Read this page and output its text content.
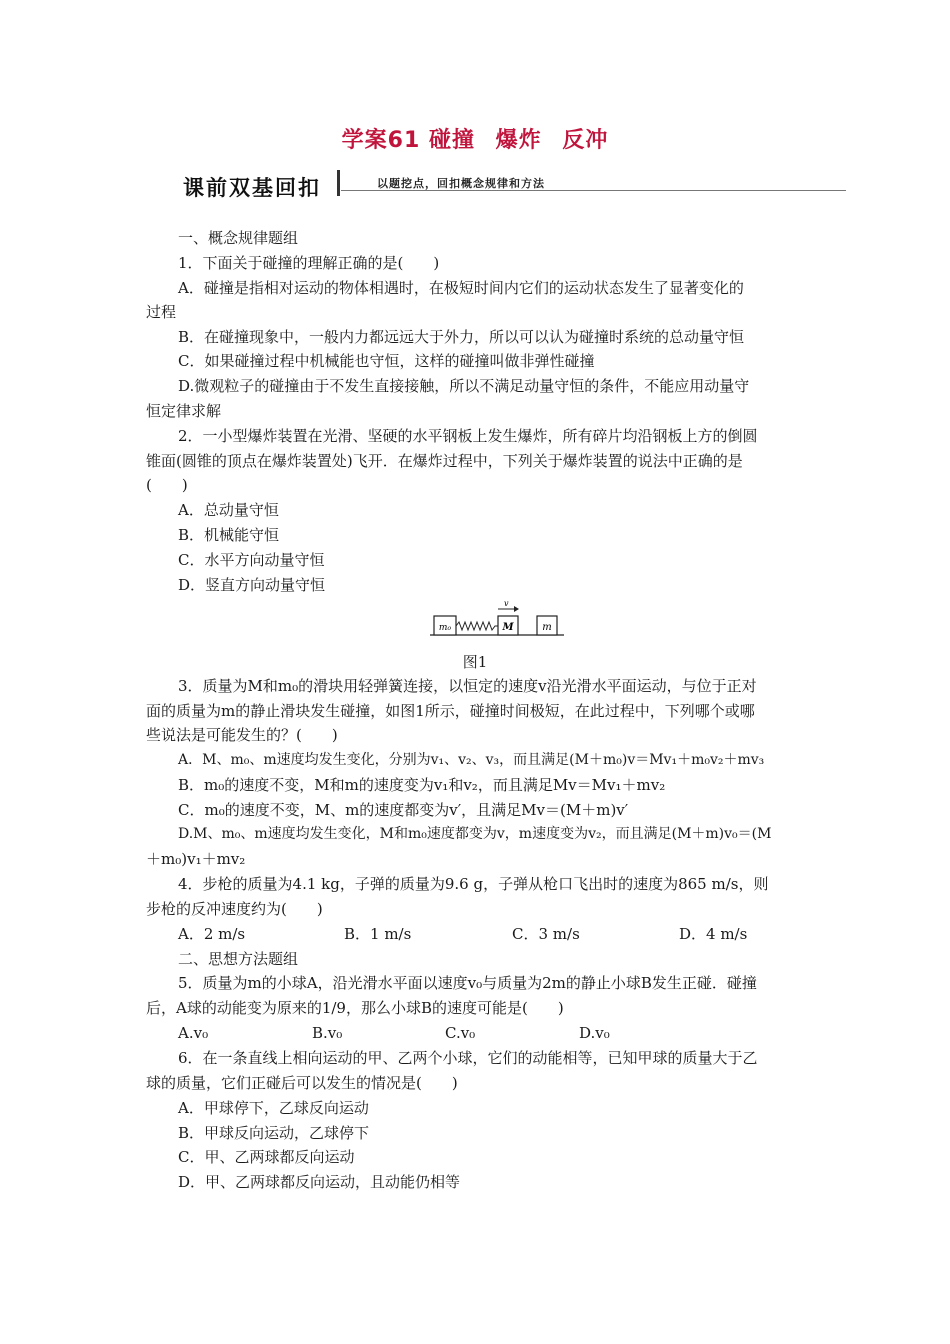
学案61 碰撞 爆炸 反冲
课前双基回扣	以题挖点，回扣概念规律和方法
一、概念规律题组
1．下面关于碰撞的理解正确的是(　　)
A．碰撞是指相对运动的物体相遇时，在极短时间内它们的运动状态发生了显著变化的
过程
B．在碰撞现象中，一般内力都远远大于外力，所以可以认为碰撞时系统的总动量守恒
C．如果碰撞过程中机械能也守恒，这样的碰撞叫做非弹性碰撞
D.微观粒子的碰撞由于不发生直接接触，所以不满足动量守恒的条件，不能应用动量守
恒定律求解
2．一小型爆炸装置在光滑、坚硬的水平钢板上发生爆炸，所有碎片均沿钢板上方的倒圆
锥面(圆锥的顶点在爆炸装置处)飞开．在爆炸过程中，下列关于爆炸装置的说法中正确的是
(　　)
A．总动量守恒
B．机械能守恒
C．水平方向动量守恒
D．竖直方向动量守恒
m₀	M
v
m
图1
3．质量为M和m₀的滑块用轻弹簧连接，以恒定的速度v沿光滑水平面运动，与位于正对
面的质量为m的静止滑块发生碰撞，如图1所示，碰撞时间极短，在此过程中，下列哪个或哪
些说法是可能发生的？(　　)
A．M、m₀、m速度均发生变化，分别为v₁、v₂、v₃，而且满足(M＋m₀)v＝Mv₁＋m₀v₂＋mv₃
B．m₀的速度不变，M和m的速度变为v₁和v₂，而且满足Mv＝Mv₁＋mv₂
C．m₀的速度不变，M、m的速度都变为v′，且满足Mv＝(M＋m)v′
D.M、m₀、m速度均发生变化，M和m₀速度都变为v，m速度变为v₂，而且满足(M＋m)v₀＝(M
＋m₀)v₁＋mv₂
4．步枪的质量为4.1 kg，子弹的质量为9.6 g，子弹从枪口飞出时的速度为865 m/s，则
步枪的反冲速度约为(　　)
A．2 m/s	B．1 m/s	C．3 m/s	D．4 m/s
二、思想方法题组
5．质量为m的小球A，沿光滑水平面以速度v₀与质量为2m的静止小球B发生正碰．碰撞
后，A球的动能变为原来的1/9，那么小球B的速度可能是(　　)
A.v₀	B.v₀	C.v₀	D.v₀
6．在一条直线上相向运动的甲、乙两个小球，它们的动能相等，已知甲球的质量大于乙
球的质量，它们正碰后可以发生的情况是(　　)
A．甲球停下，乙球反向运动
B．甲球反向运动，乙球停下
C．甲、乙两球都反向运动
D．甲、乙两球都反向运动，且动能仍相等
